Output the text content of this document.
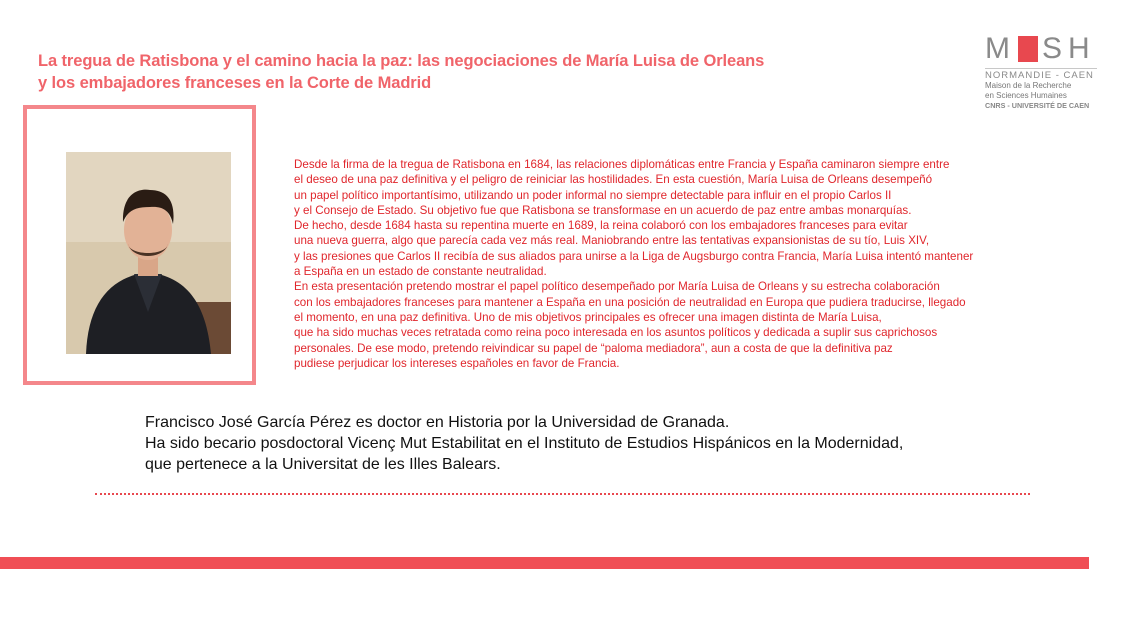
La tregua de Ratisbona y el camino hacia la paz: las negociaciones de María Luisa de Orleans
y los embajadores franceses en la Corte de Madrid
M SH
NORMANDIE - CAEN
Maison de la Recherche
en Sciences Humaines
CNRS - UNIVERSITÉ DE CAEN
Desde la firma de la tregua de Ratisbona en 1684, las relaciones diplomáticas entre Francia y España caminaron siempre entre
el deseo de una paz definitiva y el peligro de reiniciar las hostilidades. En esta cuestión, María Luisa de Orleans desempeñó
un papel político importantísimo, utilizando un poder informal no siempre detectable para influir en el propio Carlos II
y el Consejo de Estado. Su objetivo fue que Ratisbona se transformase en un acuerdo de paz entre ambas monarquías.
De hecho, desde 1684 hasta su repentina muerte en 1689, la reina colaboró con los embajadores franceses para evitar
una nueva guerra, algo que parecía cada vez más real. Maniobrando entre las tentativas expansionistas de su tío, Luis XIV,
y las presiones que Carlos II recibía de sus aliados para unirse a la Liga de Augsburgo contra Francia, María Luisa intentó mantener
a España en un estado de constante neutralidad.
En esta presentación pretendo mostrar el papel político desempeñado por María Luisa de Orleans y su estrecha colaboración
con los embajadores franceses para mantener a España en una posición de neutralidad en Europa que pudiera traducirse, llegado
el momento, en una paz definitiva. Uno de mis objetivos principales es ofrecer una imagen distinta de María Luisa,
que ha sido muchas veces retratada como reina poco interesada en los asuntos políticos y dedicada a suplir sus caprichosos
personales. De ese modo, pretendo reivindicar su papel de “paloma mediadora”, aun a costa de que la definitiva paz
pudiese perjudicar los intereses españoles en favor de Francia.
Francisco José García Pérez es doctor en Historia por la Universidad de Granada.
Ha sido becario posdoctoral Vicenç Mut Estabilitat en el Instituto de Estudios Hispánicos en la Modernidad,
que pertenece a la Universitat de les Illes Balears.
